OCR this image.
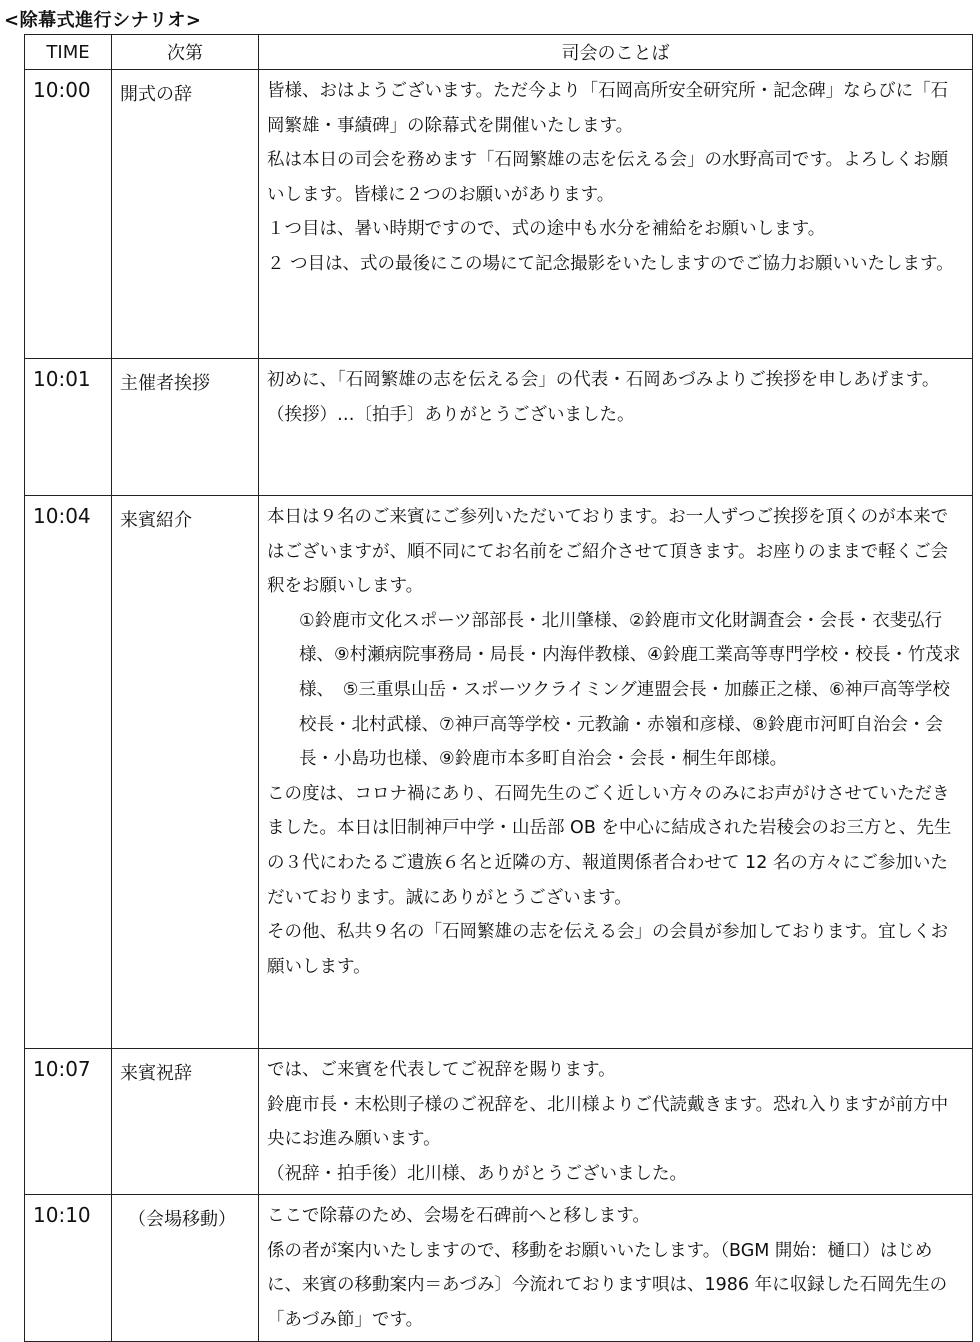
<除幕式進行シナリオ>
TIME	次第	司会のことば
10:00	開式の辞	皆様、おはようございます。ただ今より「石岡高所安全研究所・記念碑」ならびに「石岡繁雄・事績碑」の除幕式を開催いたします。

私は本日の司会を務めます「石岡繁雄の志を伝える会」の水野高司です。よろしくお願いします。皆様に２つのお願いがあります。

１つ目は、暑い時期ですので、式の途中も水分を補給をお願いします。

２ つ目は、式の最後にこの場にて記念撮影をいたしますのでご協力お願いいたします。

10:01	主催者挨拶	初めに、「石岡繁雄の志を伝える会」の代表・石岡あづみよりご挨拶を申しあげます。

（挨拶）…〔拍手〕ありがとうございました。

10:04	来賓紹介	本日は９名のご来賓にご参列いただいております。お一人ずつご挨拶を頂くのが本来ではございますが、順不同にてお名前をご紹介させて頂きます。お座りのままで軽くご会釈をお願いします。

①鈴鹿市文化スポーツ部部長・北川肇様、②鈴鹿市文化財調査会・会長・衣斐弘行様、⑨村瀬病院事務局・局長・内海伴教様、④鈴鹿工業高等専門学校・校長・竹茂求様、　⑤三重県山岳・スポーツクライミング連盟会長・加藤正之様、⑥神戸高等学校校長・北村武様、⑦神戸高等学校・元教諭・赤嶺和彦様、⑧鈴鹿市河町自治会・会長・小島功也様、⑨鈴鹿市本多町自治会・会長・桐生年郎様。

この度は、コロナ禍にあり、石岡先生のごく近しい方々のみにお声がけさせていただきました。本日は旧制神戸中学・山岳部 OB を中心に結成された岩稜会のお三方と、先生の３代にわたるご遺族６名と近隣の方、報道関係者合わせて 12 名の方々にご参加いただいております。誠にありがとうございます。

その他、私共９名の「石岡繁雄の志を伝える会」の会員が参加しております。宜しくお願いします。

10:07	来賓祝辞	では、ご来賓を代表してご祝辞を賜ります。

鈴鹿市長・末松則子様のご祝辞を、北川様よりご代読戴きます。恐れ入りますが前方中央にお進み願います。

（祝辞・拍手後）北川様、ありがとうございました。

10:10	（会場移動）	ここで除幕のため、会場を石碑前へと移します。

係の者が案内いたしますので、移動をお願いいたします。（BGM 開始：樋口）はじめに、来賓の移動案内＝あづみ〕今流れております唄は、1986 年に収録した石岡先生の「あづみ節」です。
